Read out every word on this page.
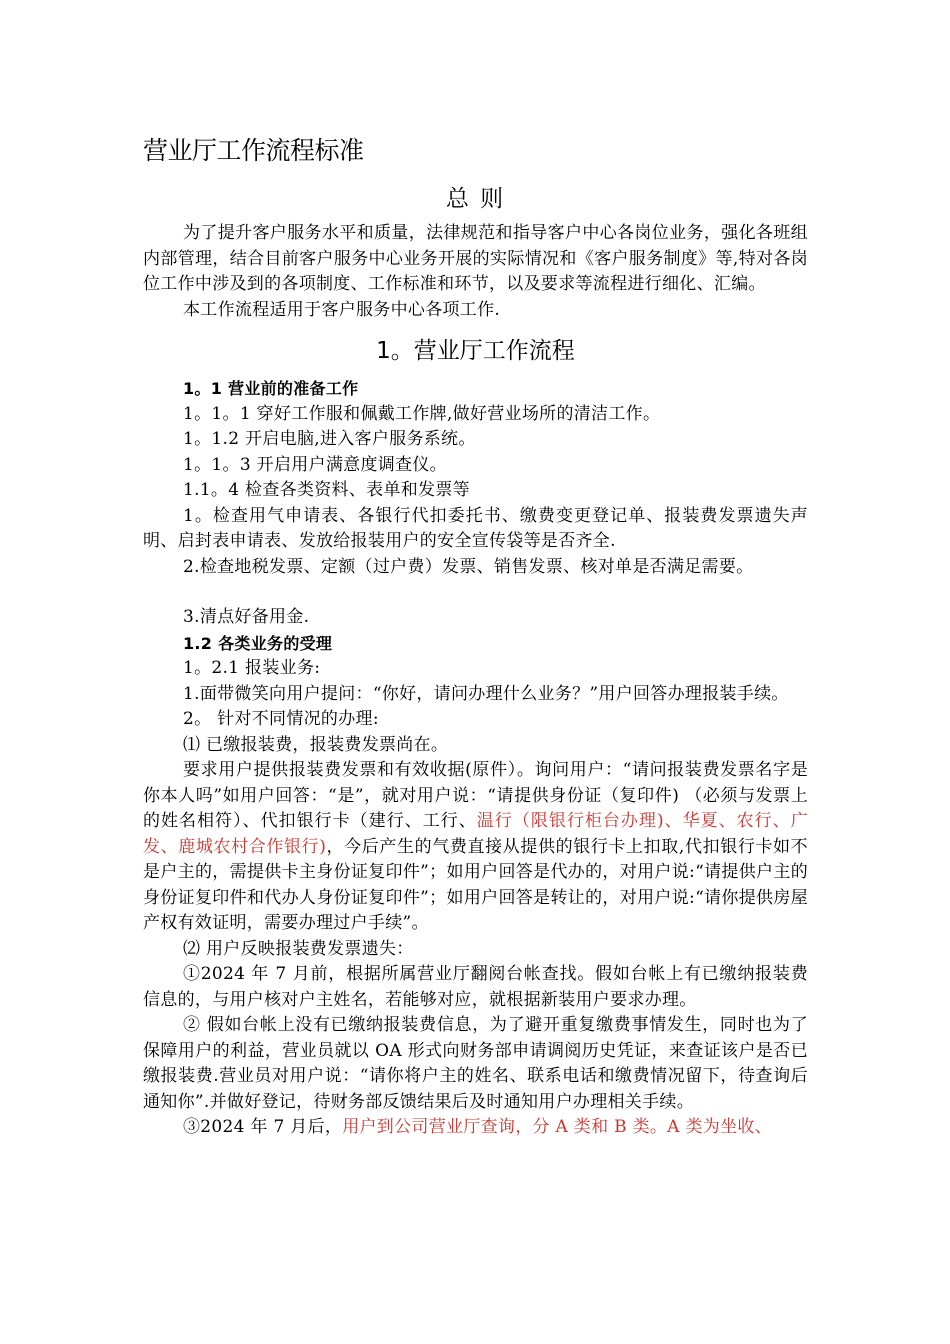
营业厅工作流程标准
总 则

为了提升客户服务水平和质量，法律规范和指导客户中心各岗位业务，强化各班组内部管理，结合目前客户服务中心业务开展的实际情况和《客户服务制度》等,特对各岗位工作中涉及到的各项制度、工作标准和环节，以及要求等流程进行细化、汇编。

本工作流程适用于客户服务中心各项工作.

1。营业厅工作流程

1。1 营业前的准备工作

1。1。1 穿好工作服和佩戴工作牌,做好营业场所的清洁工作。

1。1.2 开启电脑,进入客户服务系统。

1。1。3 开启用户满意度调查仪。

1.1。4 检查各类资料、表单和发票等

1。检查用气申请表、各银行代扣委托书、缴费变更登记单、报装费发票遗失声明、启封表申请表、发放给报装用户的安全宣传袋等是否齐全.

2.检查地税发票、定额（过户费）发票、销售发票、核对单是否满足需要。

3.清点好备用金.

1.2 各类业务的受理

1。2.1 报装业务:

1.面带微笑向用户提问：“你好，请问办理什么业务？”用户回答办理报装手续。

2。 针对不同情况的办理:

⑴ 已缴报装费，报装费发票尚在。

要求用户提供报装费发票和有效收据(原件）。询问用户：“请问报装费发票名字是你本人吗”如用户回答：“是”，就对用户说：“请提供身份证（复印件) （必须与发票上的姓名相符）、代扣银行卡（建行、工行、温行（限银行柜台办理)、华夏、农行、广发、鹿城农村合作银行)，今后产生的气费直接从提供的银行卡上扣取,代扣银行卡如不是户主的，需提供卡主身份证复印件”；如用户回答是代办的，对用户说:“请提供户主的身份证复印件和代办人身份证复印件”；如用户回答是转让的，对用户说:“请你提供房屋产权有效证明，需要办理过户手续”。

⑵ 用户反映报装费发票遗失：

①2024 年 7 月前，根据所属营业厅翻阅台帐查找。假如台帐上有已缴纳报装费信息的，与用户核对户主姓名，若能够对应，就根据新装用户要求办理。

② 假如台帐上没有已缴纳报装费信息，为了避开重复缴费事情发生，同时也为了保障用户的利益，营业员就以 OA 形式向财务部申请调阅历史凭证，来查证该户是否已缴报装费.营业员对用户说：“请你将户主的姓名、联系电话和缴费情况留下，待查询后通知你”.并做好登记，待财务部反馈结果后及时通知用户办理相关手续。

③2024 年 7 月后，用户到公司营业厅查询，分 A 类和 B 类。A 类为坐收、
